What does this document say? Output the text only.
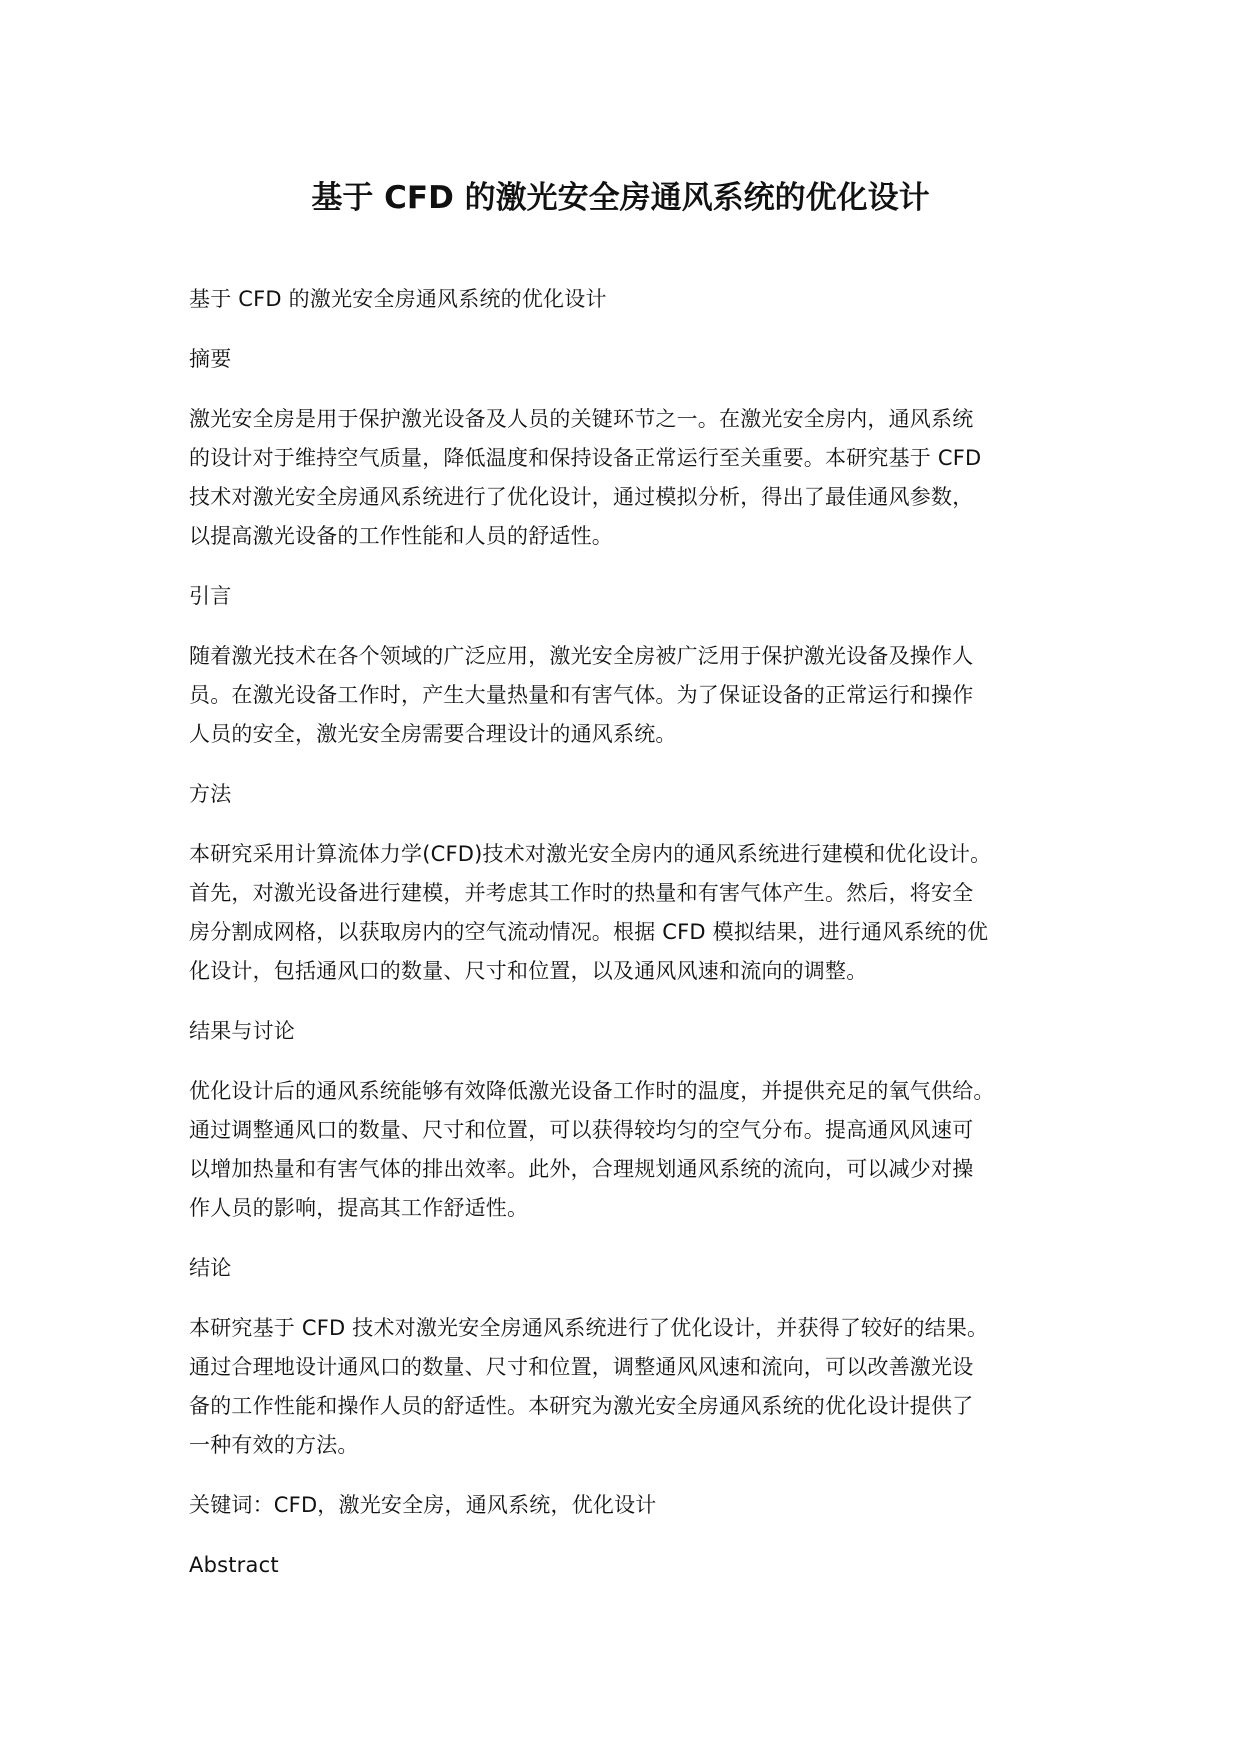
基于 CFD 的激光安全房通风系统的优化设计

基于 CFD 的激光安全房通风系统的优化设计

摘要

激光安全房是用于保护激光设备及人员的关键环节之一。在激光安全房内，通风系统
的设计对于维持空气质量，降低温度和保持设备正常运行至关重要。本研究基于 CFD
技术对激光安全房通风系统进行了优化设计，通过模拟分析，得出了最佳通风参数，
以提高激光设备的工作性能和人员的舒适性。

引言

随着激光技术在各个领域的广泛应用，激光安全房被广泛用于保护激光设备及操作人
员。在激光设备工作时，产生大量热量和有害气体。为了保证设备的正常运行和操作
人员的安全，激光安全房需要合理设计的通风系统。

方法

本研究采用计算流体力学(CFD)技术对激光安全房内的通风系统进行建模和优化设计。
首先，对激光设备进行建模，并考虑其工作时的热量和有害气体产生。然后，将安全
房分割成网格，以获取房内的空气流动情况。根据 CFD 模拟结果，进行通风系统的优
化设计，包括通风口的数量、尺寸和位置，以及通风风速和流向的调整。

结果与讨论

优化设计后的通风系统能够有效降低激光设备工作时的温度，并提供充足的氧气供给。
通过调整通风口的数量、尺寸和位置，可以获得较均匀的空气分布。提高通风风速可
以增加热量和有害气体的排出效率。此外，合理规划通风系统的流向，可以减少对操
作人员的影响，提高其工作舒适性。

结论

本研究基于 CFD 技术对激光安全房通风系统进行了优化设计，并获得了较好的结果。
通过合理地设计通风口的数量、尺寸和位置，调整通风风速和流向，可以改善激光设
备的工作性能和操作人员的舒适性。本研究为激光安全房通风系统的优化设计提供了
一种有效的方法。

关键词：CFD，激光安全房，通风系统，优化设计

Abstract
